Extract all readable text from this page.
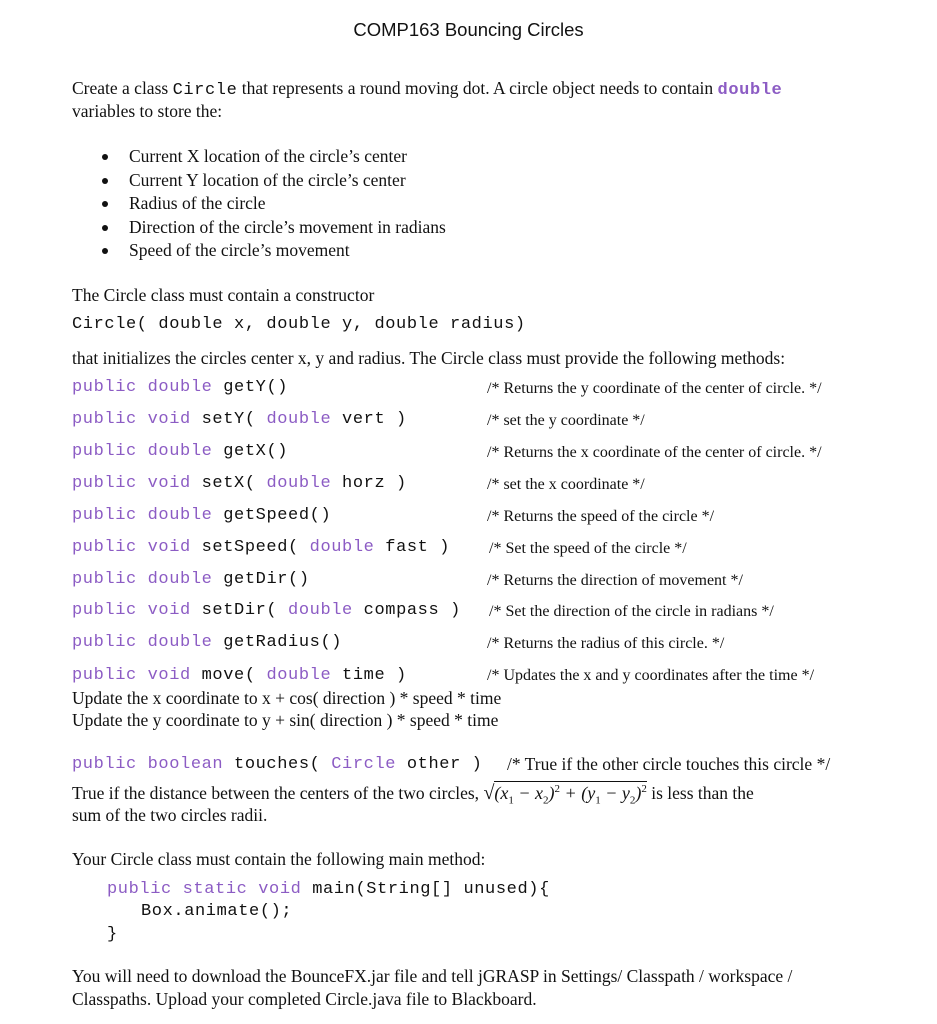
COMP163 Bouncing Circles
Create a class Circle that represents a round moving dot. A circle object needs to contain double
variables to store the:
Current X location of the circle’s center
Current Y location of the circle’s center
Radius of the circle
Direction of the circle’s movement in radians
Speed of the circle’s movement
The Circle class must contain a constructor
Circle( double x, double y, double radius)
that initializes the circles center x, y and radius. The Circle class must provide the following methods:
public double getY()	/* Returns the y coordinate of the center of circle. */
public void setY( double vert )	/* set the y coordinate */
public double getX()	/* Returns the x coordinate of the center of circle. */
public void setX( double horz )	/* set the x coordinate */
public double getSpeed()	/* Returns the speed of the circle */
public void setSpeed( double fast ) /* Set the speed of the circle */
public double getDir()	/* Returns the direction of movement */
public void setDir( double compass ) /* Set the direction of the circle in radians */
public double getRadius()	/* Returns the radius of this circle. */
public void move( double time )	/* Updates the x and y coordinates after the time */
Update the x coordinate to x + cos( direction ) * speed * time
Update the y coordinate to y + sin( direction ) * speed * time
public boolean touches( Circle other ) /* True if the other circle touches this circle */
True if the distance between the centers of the two circles, $√(x_1 - x_2)^2 + (y_1 - y_2)^2$ is less than the
sum of the two circles radii.
Your Circle class must contain the following main method:
public static void main(String[] unused){
Box.animate();
}
You will need to download the BounceFX.jar file and tell jGRASP in Settings/ Classpath / workspace /
Classpaths. Upload your completed Circle.java file to Blackboard.
